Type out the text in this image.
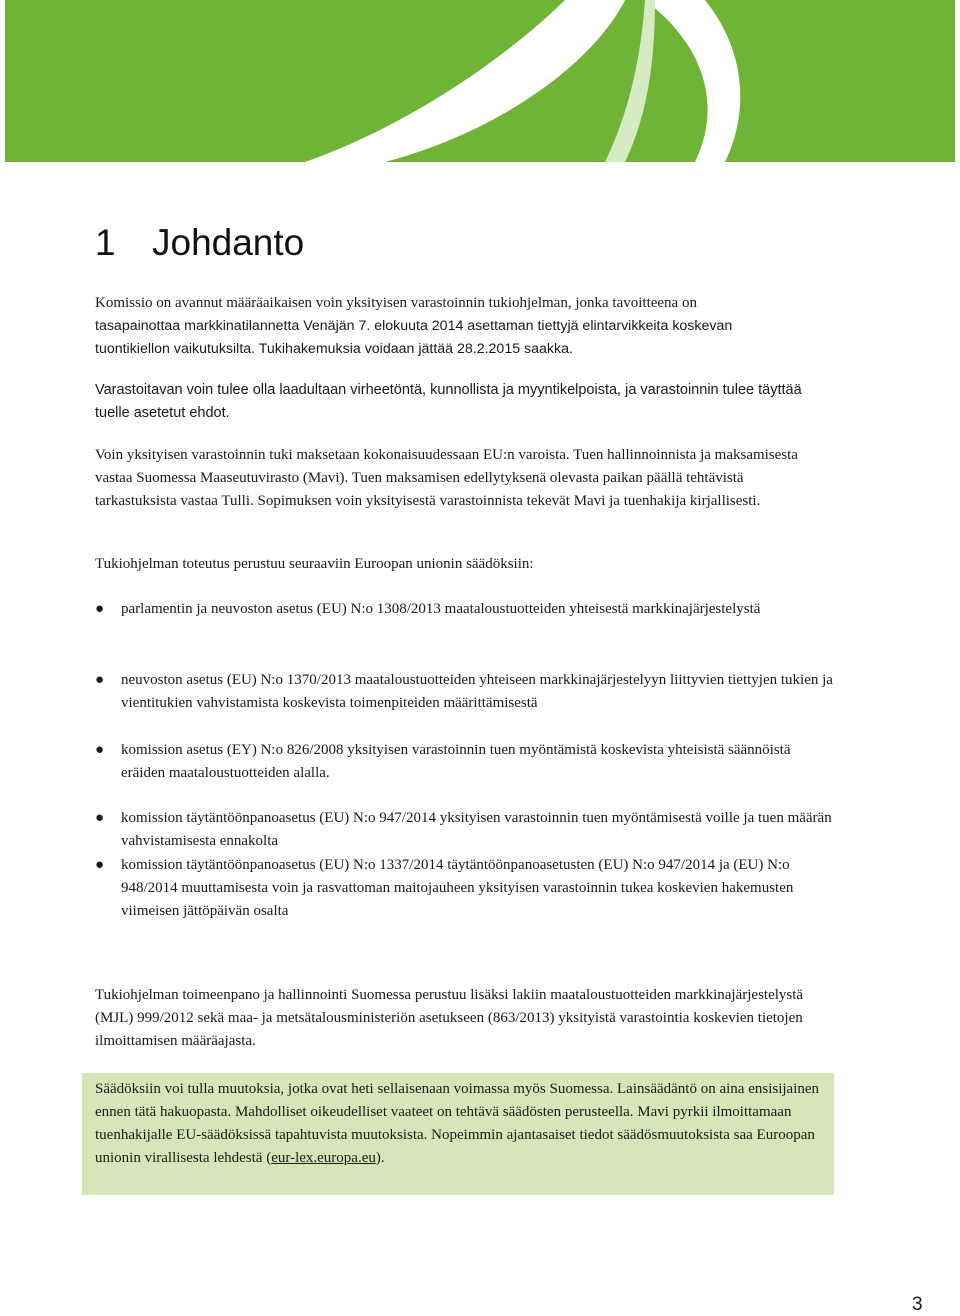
1 Johdanto

Komissio on avannut määräaikaisen voin yksityisen varastoinnin tukiohjelman, jonka tavoitteena on
tasapainottaa markkinatilannetta Venäjän 7. elokuuta 2014 asettaman tiettyjä elintarvikkeita koskevan
tuontikiellon vaikutuksilta. Tukihakemuksia voidaan jättää 28.2.2015 saakka.

Varastoitavan voin tulee olla laadultaan virheetöntä, kunnollista ja myyntikelpoista, ja varastoinnin tulee täyttää tuelle asetetut ehdot.

Voin yksityisen varastoinnin tuki maksetaan kokonaisuudessaan EU:n varoista. Tuen hallinnoinnista ja maksamisesta vastaa Suomessa Maaseutuvirasto (Mavi). Tuen maksamisen edellytyksenä olevasta paikan päällä tehtävistä tarkastuksista vastaa Tulli. Sopimuksen voin yksityisestä varastoinnista tekevät Mavi ja tuenhakija kirjallisesti.

Tukiohjelman toteutus perustuu seuraaviin Euroopan unionin säädöksiin:

● parlamentin ja neuvoston asetus (EU) N:o 1308/2013 maataloustuotteiden yhteisestä markkinajärjestelystä
● neuvoston asetus (EU) N:o 1370/2013 maataloustuotteiden yhteiseen markkinajärjestelyyn liittyvien tiettyjen tukien ja vientitukien vahvistamista koskevista toimenpiteiden määrittämisestä
● komission asetus (EY) N:o 826/2008 yksityisen varastoinnin tuen myöntämistä koskevista yhteisistä säännöistä eräiden maataloustuotteiden alalla.
● komission täytäntöönpanoasetus (EU) N:o 947/2014 yksityisen varastoinnin tuen myöntämisestä voille ja tuen määrän vahvistamisesta ennakolta
● komission täytäntöönpanoasetus (EU) N:o 1337/2014 täytäntöönpanoasetusten (EU) N:o 947/2014 ja (EU) N:o 948/2014 muuttamisesta voin ja rasvattoman maitojauheen yksityisen varastoinnin tukea koskevien hakemusten viimeisen jättöpäivän osalta

Tukiohjelman toimeenpano ja hallinnointi Suomessa perustuu lisäksi lakiin maataloustuotteiden markkinajärjestelystä (MJL) 999/2012 sekä maa- ja metsätalousministeriön asetukseen (863/2013) yksityistä varastointia koskevien tietojen ilmoittamisen määräajasta.

Säädöksiin voi tulla muutoksia, jotka ovat heti sellaisenaan voimassa myös Suomessa. Lainsäädäntö on aina ensisijainen ennen tätä hakuopasta. Mahdolliset oikeudelliset vaateet on tehtävä säädösten perusteella. Mavi pyrkii ilmoittamaan tuenhakijalle EU-säädöksissä tapahtuvista muutoksista. Nopeimmin ajantasaiset tiedot säädösmuutoksista saa Euroopan unionin virallisesta lehdestä (eur-lex.europa.eu).
3
